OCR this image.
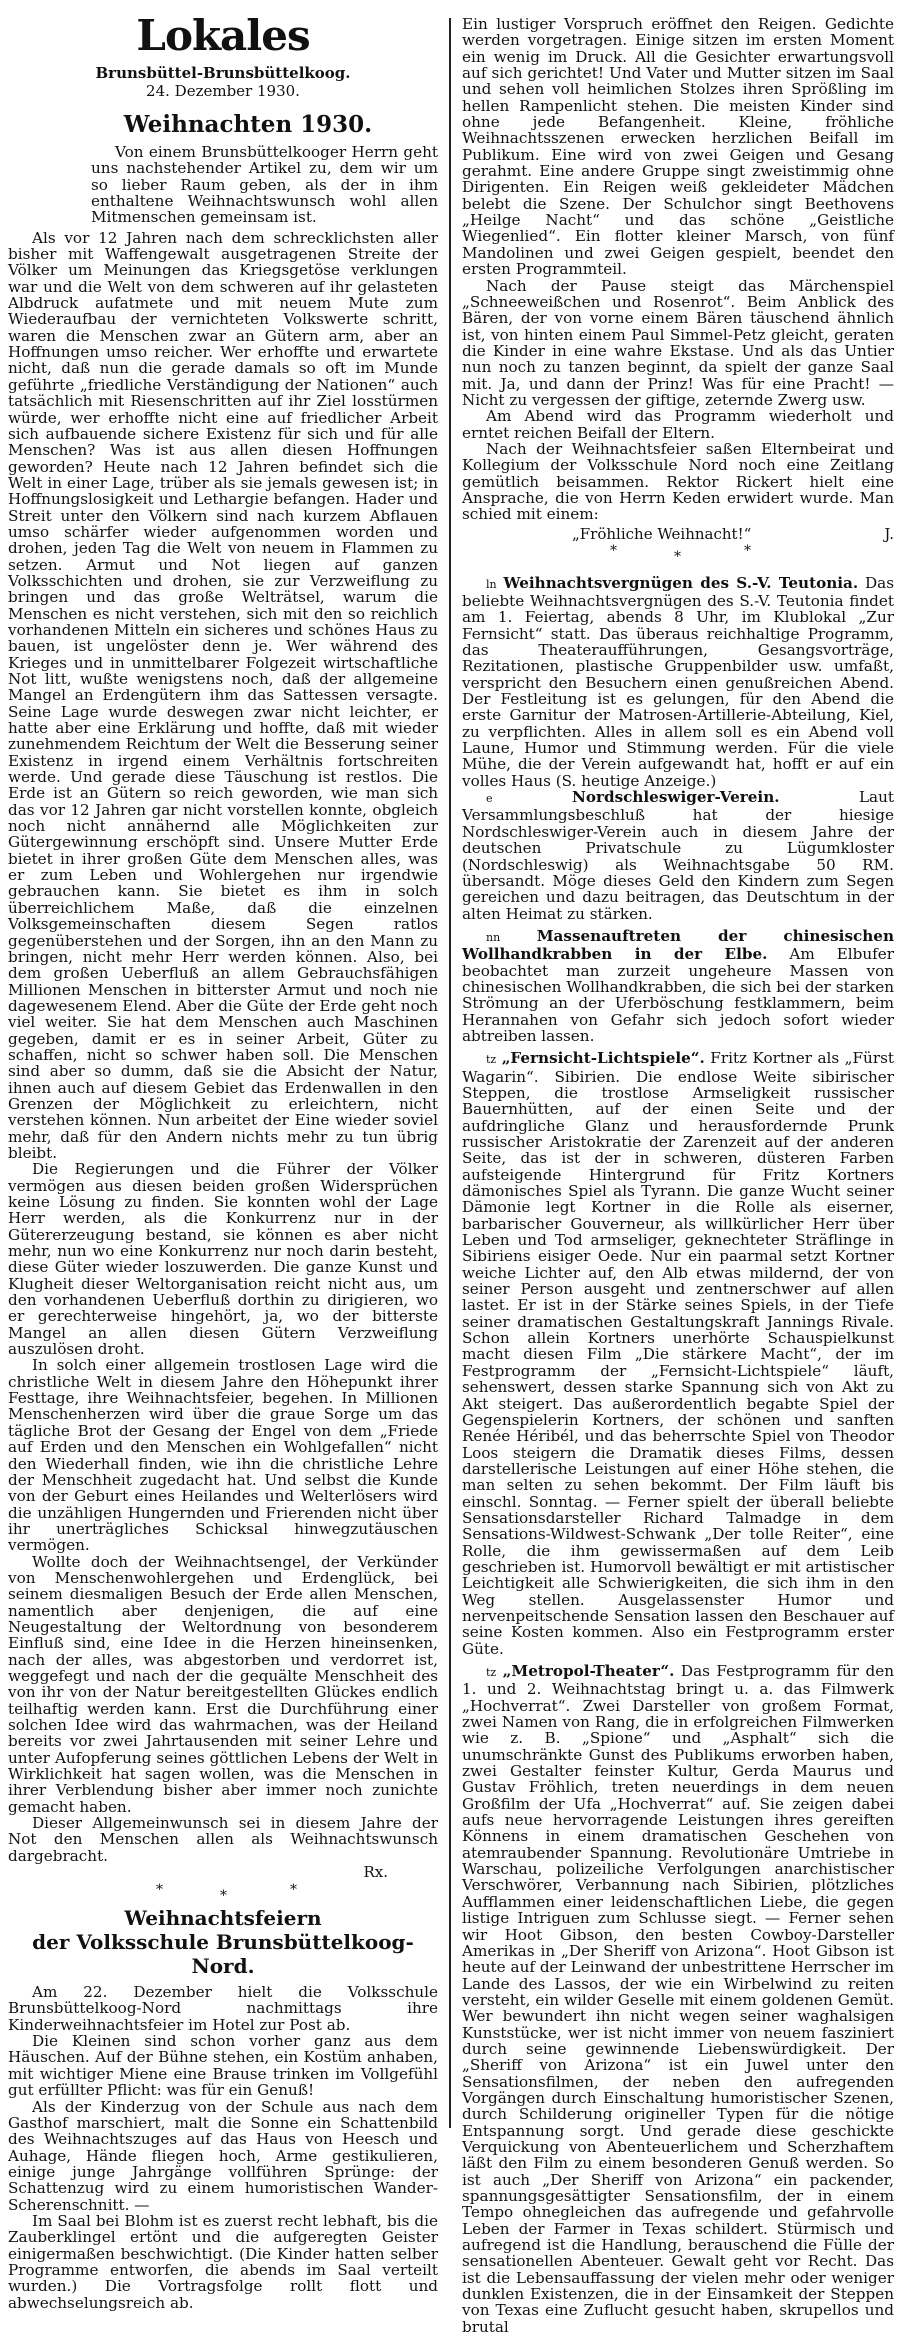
Lokales
Brunsbüttel-Brunsbüttelkoog.
24. Dezember 1930.
Weihnachten 1930.

Von einem Brunsbüttelkooger Herrn geht uns nachstehender Artikel zu, dem wir um so lieber Raum geben, als der in ihm enthaltene Weihnachtswunsch wohl allen Mitmenschen gemeinsam ist.

Als vor 12 Jahren nach dem schrecklichsten aller bisher mit Waffengewalt ausgetragenen Streite der Völker um Meinungen das Kriegsgetöse verklungen war und die Welt von dem schweren auf ihr gelasteten Albdruck aufatmete und mit neuem Mute zum Wiederaufbau der vernichteten Volkswerte schritt, waren die Menschen zwar an Gütern arm, aber an Hoffnungen umso reicher. Wer erhoffte und erwartete nicht, daß nun die gerade damals so oft im Munde geführte „friedliche Verständigung der Nationen“ auch tatsächlich mit Riesenschritten auf ihr Ziel losstürmen würde, wer erhoffte nicht eine auf friedlicher Arbeit sich aufbauende sichere Existenz für sich und für alle Menschen? Was ist aus allen diesen Hoffnungen geworden? Heute nach 12 Jahren befindet sich die Welt in einer Lage, trüber als sie jemals gewesen ist; in Hoffnungslosigkeit und Lethargie befangen. Hader und Streit unter den Völkern sind nach kurzem Abflauen umso schärfer wieder aufgenommen worden und drohen, jeden Tag die Welt von neuem in Flammen zu setzen. Armut und Not liegen auf ganzen Volksschichten und drohen, sie zur Verzweiflung zu bringen und das große Welträtsel, warum die Menschen es nicht verstehen, sich mit den so reichlich vorhandenen Mitteln ein sicheres und schönes Haus zu bauen, ist ungelöster denn je. Wer während des Krieges und in unmittelbarer Folgezeit wirtschaftliche Not litt, wußte wenigstens noch, daß der allgemeine Mangel an Erdengütern ihm das Sattessen versagte. Seine Lage wurde deswegen zwar nicht leichter, er hatte aber eine Erklärung und hoffte, daß mit wieder zunehmendem Reichtum der Welt die Besserung seiner Existenz in irgend einem Verhältnis fortschreiten werde. Und gerade diese Täuschung ist restlos. Die Erde ist an Gütern so reich geworden, wie man sich das vor 12 Jahren gar nicht vorstellen konnte, obgleich noch nicht annähernd alle Möglichkeiten zur Gütergewinnung erschöpft sind. Unsere Mutter Erde bietet in ihrer großen Güte dem Menschen alles, was er zum Leben und Wohlergehen nur irgendwie gebrauchen kann. Sie bietet es ihm in solch überreichlichem Maße, daß die einzelnen Volksgemeinschaften diesem Segen ratlos gegenüberstehen und der Sorgen, ihn an den Mann zu bringen, nicht mehr Herr werden können. Also, bei dem großen Ueberfluß an allem Gebrauchsfähigen Millionen Menschen in bitterster Armut und noch nie dagewesenem Elend. Aber die Güte der Erde geht noch viel weiter. Sie hat dem Menschen auch Maschinen gegeben, damit er es in seiner Arbeit, Güter zu schaffen, nicht so schwer haben soll. Die Menschen sind aber so dumm, daß sie die Absicht der Natur, ihnen auch auf diesem Gebiet das Erdenwallen in den Grenzen der Möglichkeit zu erleichtern, nicht verstehen können. Nun arbeitet der Eine wieder soviel mehr, daß für den Andern nichts mehr zu tun übrig bleibt.

Die Regierungen und die Führer der Völker vermögen aus diesen beiden großen Widersprüchen keine Lösung zu finden. Sie konnten wohl der Lage Herr werden, als die Konkurrenz nur in der Gütererzeugung bestand, sie können es aber nicht mehr, nun wo eine Konkurrenz nur noch darin besteht, diese Güter wieder loszuwerden. Die ganze Kunst und Klugheit dieser Weltorganisation reicht nicht aus, um den vorhandenen Ueberfluß dorthin zu dirigieren, wo er gerechterweise hingehört, ja, wo der bitterste Mangel an allen diesen Gütern Verzweiflung auszulösen droht.

In solch einer allgemein trostlosen Lage wird die christliche Welt in diesem Jahre den Höhepunkt ihrer Festtage, ihre Weihnachtsfeier, begehen. In Millionen Menschenherzen wird über die graue Sorge um das tägliche Brot der Gesang der Engel von dem „Friede auf Erden und den Menschen ein Wohlgefallen“ nicht den Wiederhall finden, wie ihn die christliche Lehre der Menschheit zugedacht hat. Und selbst die Kunde von der Geburt eines Heilandes und Welterlösers wird die unzähligen Hungernden und Frierenden nicht über ihr unerträgliches Schicksal hinwegzutäuschen vermögen.

Wollte doch der Weihnachtsengel, der Verkünder von Menschenwohlergehen und Erdenglück, bei seinem diesmaligen Besuch der Erde allen Menschen, namentlich aber denjenigen, die auf eine Neugestaltung der Weltordnung von besonderem Einfluß sind, eine Idee in die Herzen hineinsenken, nach der alles, was abgestorben und verdorret ist, weggefegt und nach der die gequälte Menschheit des von ihr von der Natur bereitgestellten Glückes endlich teilhaftig werden kann. Erst die Durchführung einer solchen Idee wird das wahrmachen, was der Heiland bereits vor zwei Jahrtausenden mit seiner Lehre und unter Aufopferung seines göttlichen Lebens der Welt in Wirklichkeit hat sagen wollen, was die Menschen in ihrer Verblendung bisher aber immer noch zunichte gemacht haben.

Dieser Allgemeinwunsch sei in diesem Jahre der Not den Menschen allen als Weihnachtswunsch dargebracht.

Rx.
*	*	*
Weihnachtsfeiern
der Volksschule Brunsbüttelkoog-Nord.

Am 22. Dezember hielt die Volksschule Brunsbüttelkoog-Nord nachmittags ihre Kinderweihnachtsfeier im Hotel zur Post ab.

Die Kleinen sind schon vorher ganz aus dem Häuschen. Auf der Bühne stehen, ein Kostüm anhaben, mit wichtiger Miene eine Brause trinken im Vollgefühl gut erfüllter Pflicht: was für ein Genuß!

Als der Kinderzug von der Schule aus nach dem Gasthof marschiert, malt die Sonne ein Schattenbild des Weihnachtszuges auf das Haus von Heesch und Auhage, Hände fliegen hoch, Arme gestikulieren, einige junge Jahrgänge vollführen Sprünge: der Schattenzug wird zu einem humoristischen Wander-Scherenschnitt. —

Im Saal bei Blohm ist es zuerst recht lebhaft, bis die Zauberklingel ertönt und die aufgeregten Geister einigermaßen beschwichtigt. (Die Kinder hatten selber Programme entworfen, die abends im Saal verteilt wurden.) Die Vortragsfolge rollt flott und abwechselungsreich ab.

Ein lustiger Vorspruch eröffnet den Reigen. Gedichte werden vorgetragen. Einige sitzen im ersten Moment ein wenig im Druck. All die Gesichter erwartungsvoll auf sich gerichtet! Und Vater und Mutter sitzen im Saal und sehen voll heimlichen Stolzes ihren Sprößling im hellen Rampenlicht stehen. Die meisten Kinder sind ohne jede Befangenheit. Kleine, fröhliche Weihnachtsszenen erwecken herzlichen Beifall im Publikum. Eine wird von zwei Geigen und Gesang gerahmt. Eine andere Gruppe singt zweistimmig ohne Dirigenten. Ein Reigen weiß gekleideter Mädchen belebt die Szene. Der Schulchor singt Beethovens „Heilge Nacht“ und das schöne „Geistliche Wiegenlied“. Ein flotter kleiner Marsch, von fünf Mandolinen und zwei Geigen gespielt, beendet den ersten Programmteil.

Nach der Pause steigt das Märchenspiel „Schneeweißchen und Rosenrot“. Beim Anblick des Bären, der von vorne einem Bären täuschend ähnlich ist, von hinten einem Paul Simmel-Petz gleicht, geraten die Kinder in eine wahre Ekstase. Und als das Untier nun noch zu tanzen beginnt, da spielt der ganze Saal mit. Ja, und dann der Prinz! Was für eine Pracht! — Nicht zu vergessen der giftige, zeternde Zwerg usw.

Am Abend wird das Programm wiederholt und erntet reichen Beifall der Eltern.

Nach der Weihnachtsfeier saßen Elternbeirat und Kollegium der Volksschule Nord noch eine Zeitlang gemütlich beisammen. Rektor Rickert hielt eine Ansprache, die von Herrn Keden erwidert wurde. Man schied mit einem:

„Fröhliche Weihnacht!“	J.
*	*	*

ln Weihnachtsvergnügen des S.-V. Teutonia. Das beliebte Weihnachtsvergnügen des S.-V. Teutonia findet am 1. Feiertag, abends 8 Uhr, im Klublokal „Zur Fernsicht“ statt. Das überaus reichhaltige Programm, das Theateraufführungen, Gesangsvorträge, Rezitationen, plastische Gruppenbilder usw. umfaßt, verspricht den Besuchern einen genußreichen Abend. Der Festleitung ist es gelungen, für den Abend die erste Garnitur der Matrosen-Artillerie-Abteilung, Kiel, zu verpflichten. Alles in allem soll es ein Abend voll Laune, Humor und Stimmung werden. Für die viele Mühe, die der Verein aufgewandt hat, hofft er auf ein volles Haus (S. heutige Anzeige.)

e	Nordschleswiger-Verein.	Laut Versammlungsbeschluß hat der hiesige Nordschleswiger-Verein auch in diesem Jahre der deutschen Privatschule zu Lügumkloster (Nordschleswig) als Weihnachtsgabe 50 RM. übersandt. Möge dieses Geld den Kindern zum Segen gereichen und dazu beitragen, das Deutschtum in der alten Heimat zu stärken.

nn Massenauftreten der chinesischen Wollhandkrabben in der Elbe. Am Elbufer beobachtet man zurzeit ungeheure Massen von chinesischen Wollhandkrabben, die sich bei der starken Strömung an der Uferböschung festklammern, beim Herannahen von Gefahr sich jedoch sofort wieder abtreiben lassen.

tz „Fernsicht-Lichtspiele“. Fritz Kortner als „Fürst Wagarin“. Sibirien. Die endlose Weite sibirischer Steppen, die trostlose Armseligkeit russischer Bauernhütten, auf der einen Seite und der aufdringliche Glanz und herausfordernde Prunk russischer Aristokratie der Zarenzeit auf der anderen Seite, das ist der in schweren, düsteren Farben aufsteigende Hintergrund für Fritz Kortners dämonisches Spiel als Tyrann. Die ganze Wucht seiner Dämonie legt Kortner in die Rolle als eiserner, barbarischer Gouverneur, als willkürlicher Herr über Leben und Tod armseliger, geknechteter Sträflinge in Sibiriens eisiger Oede. Nur ein paarmal setzt Kortner weiche Lichter auf, den Alb etwas mildernd, der von seiner Person ausgeht und zentnerschwer auf allen lastet. Er ist in der Stärke seines Spiels, in der Tiefe seiner dramatischen Gestaltungskraft Jannings Rivale. Schon allein Kortners unerhörte Schauspielkunst macht diesen Film „Die stärkere Macht“, der im Festprogramm der „Fernsicht-Lichtspiele“ läuft, sehenswert, dessen starke Spannung sich von Akt zu Akt steigert. Das außerordentlich begabte Spiel der Gegenspielerin Kortners, der schönen und sanften Renée Héribél, und das beherrschte Spiel von Theodor Loos steigern die Dramatik dieses Films, dessen darstellerische Leistungen auf einer Höhe stehen, die man selten zu sehen bekommt. Der Film läuft bis einschl. Sonntag. — Ferner spielt der überall beliebte Sensationsdarsteller Richard Talmadge in dem Sensations-Wildwest-Schwank „Der tolle Reiter“, eine Rolle, die ihm gewissermaßen auf dem Leib geschrieben ist. Humorvoll bewältigt er mit artistischer Leichtigkeit alle Schwierigkeiten, die sich ihm in den Weg stellen. Ausgelassenster Humor und nervenpeitschende Sensation lassen den Beschauer auf seine Kosten kommen. Also ein Festprogramm erster Güte.

tz „Metropol-Theater“. Das Festprogramm für den 1. und 2. Weihnachtstag bringt u. a. das Filmwerk „Hochverrat“. Zwei Darsteller von großem Format, zwei Namen von Rang, die in erfolgreichen Filmwerken wie z. B. „Spione“ und „Asphalt“ sich die unumschränkte Gunst des Publikums erworben haben, zwei Gestalter feinster Kultur, Gerda Maurus und Gustav Fröhlich, treten neuerdings in dem neuen Großfilm der Ufa „Hochverrat“ auf. Sie zeigen dabei aufs neue hervorragende Leistungen ihres gereiften Könnens in einem dramatischen Geschehen von atemraubender Spannung. Revolutionäre Umtriebe in Warschau, polizeiliche Verfolgungen anarchistischer Verschwörer, Verbannung nach Sibirien, plötzliches Aufflammen einer leidenschaftlichen Liebe, die gegen listige Intriguen zum Schlusse siegt. — Ferner sehen wir Hoot Gibson, den besten Cowboy-Darsteller Amerikas in „Der Sheriff von Arizona“. Hoot Gibson ist heute auf der Leinwand der unbestrittene Herrscher im Lande des Lassos, der wie ein Wirbelwind zu reiten versteht, ein wilder Geselle mit einem goldenen Gemüt. Wer bewundert ihn nicht wegen seiner waghalsigen Kunststücke, wer ist nicht immer von neuem fasziniert durch seine gewinnende Liebenswürdigkeit. Der „Sheriff von Arizona“ ist ein Juwel unter den Sensationsfilmen, der neben den aufregenden Vorgängen durch Einschaltung humoristischer Szenen, durch Schilderung origineller Typen für die nötige Entspannung sorgt. Und gerade diese geschickte Verquickung von Abenteuerlichem und Scherzhaftem läßt den Film zu einem besonderen Genuß werden. So ist auch „Der Sheriff von Arizona“ ein packender, spannungsgesättigter Sensationsfilm, der in einem Tempo ohnegleichen das aufregende und gefahrvolle Leben der Farmer in Texas schildert. Stürmisch und aufregend ist die Handlung, berauschend die Fülle der sensationellen Abenteuer. Gewalt geht vor Recht. Das ist die Lebensauffassung der vielen mehr oder weniger dunklen Existenzen, die in der Einsamkeit der Steppen von Texas eine Zuflucht gesucht haben, skrupellos und brutal
